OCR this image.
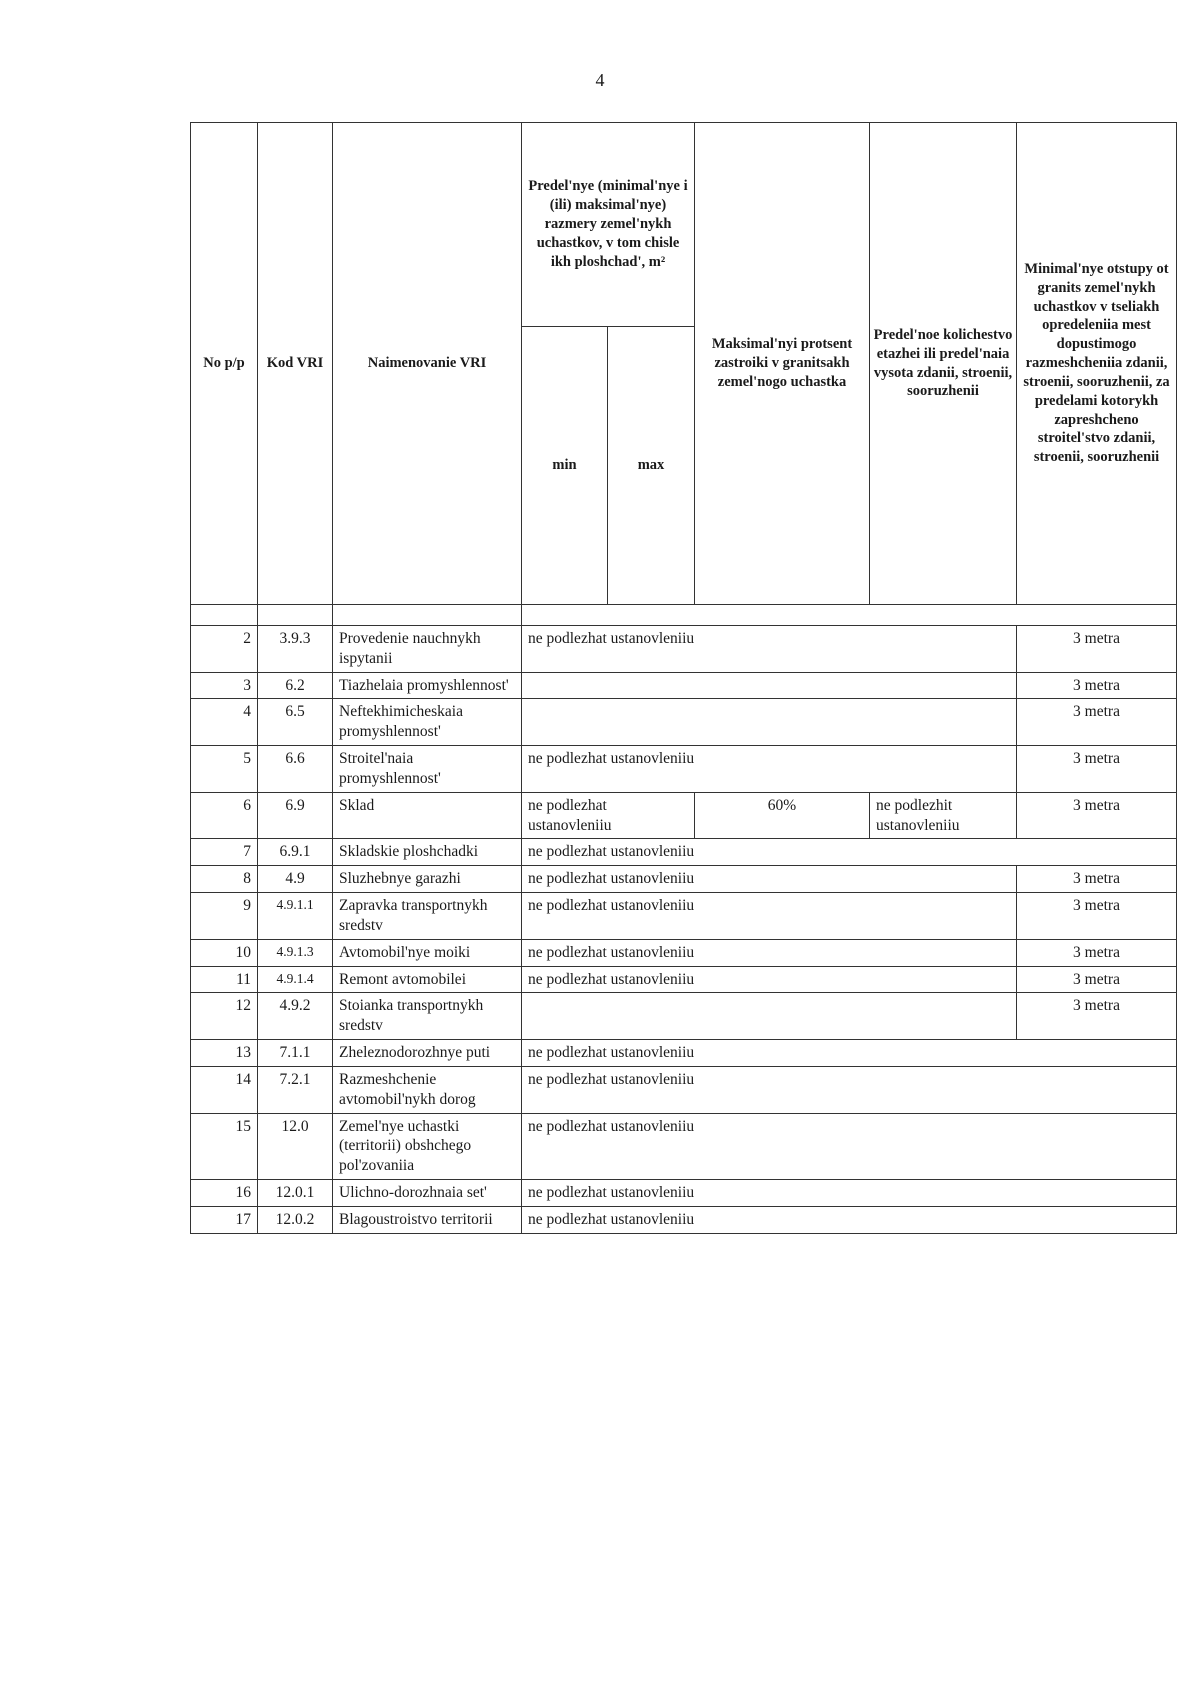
4
No p/p	Kod VRI	Naimenovanie VRI	Predel'nye (minimal'nye i (ili) maksimal'nye) razmery zemel'nykh uchastkov, v tom chisle ikh ploshchad', m²		Maksimal'nyi protsent zastroiki v granitsakh zemel'nogo uchastka	Predel'noe kolichestvo etazhei ili predel'naia vysota zdanii, stroenii, sooruzhenii	Minimal'nye otstupy ot granits zemel'nykh uchastkov v tseliakh opredeleniia mest dopustimogo razmeshcheniia zdanii, stroenii, sooruzhenii, za predelami kotorykh zapreshcheno stroitel'stvo zdanii, stroenii, sooruzhenii
			min	max			

2	3.9.3	Provedenie nauchnykh ispytanii	ne podlezhat ustanovleniiu				3 metra
3	6.2	Tiazhelaia promyshlennost'					3 metra
4	6.5	Neftekhimicheskaia promyshlennost'					3 metra
5	6.6	Stroitel'naia promyshlennost'	ne podlezhat ustanovleniiu				3 metra
6	6.9	Sklad	ne podlezhat ustanovleniiu		60%	ne podlezhit ustanovleniiu	3 metra
7	6.9.1	Skladskie ploshchadki	ne podlezhat ustanovleniiu				
8	4.9	Sluzhebnye garazhi	ne podlezhat ustanovleniiu				3 metra
9	4.9.1.1	Zapravka transportnykh sredstv	ne podlezhat ustanovleniiu				3 metra
10	4.9.1.3	Avtomobil'nye moiki	ne podlezhat ustanovleniiu				3 metra
11	4.9.1.4	Remont avtomobilei	ne podlezhat ustanovleniiu				3 metra
12	4.9.2	Stoianka transportnykh sredstv					3 metra
13	7.1.1	Zheleznodorozhnye puti	ne podlezhat ustanovleniiu				
14	7.2.1	Razmeshchenie avtomobil'nykh dorog	ne podlezhat ustanovleniiu				
15	12.0	Zemel'nye uchastki (territorii) obshchego pol'zovaniia	ne podlezhat ustanovleniiu				
16	12.0.1	Ulichno-dorozhnaia set'	ne podlezhat ustanovleniiu				
17	12.0.2	Blagoustroistvo territorii	ne podlezhat ustanovleniiu				
